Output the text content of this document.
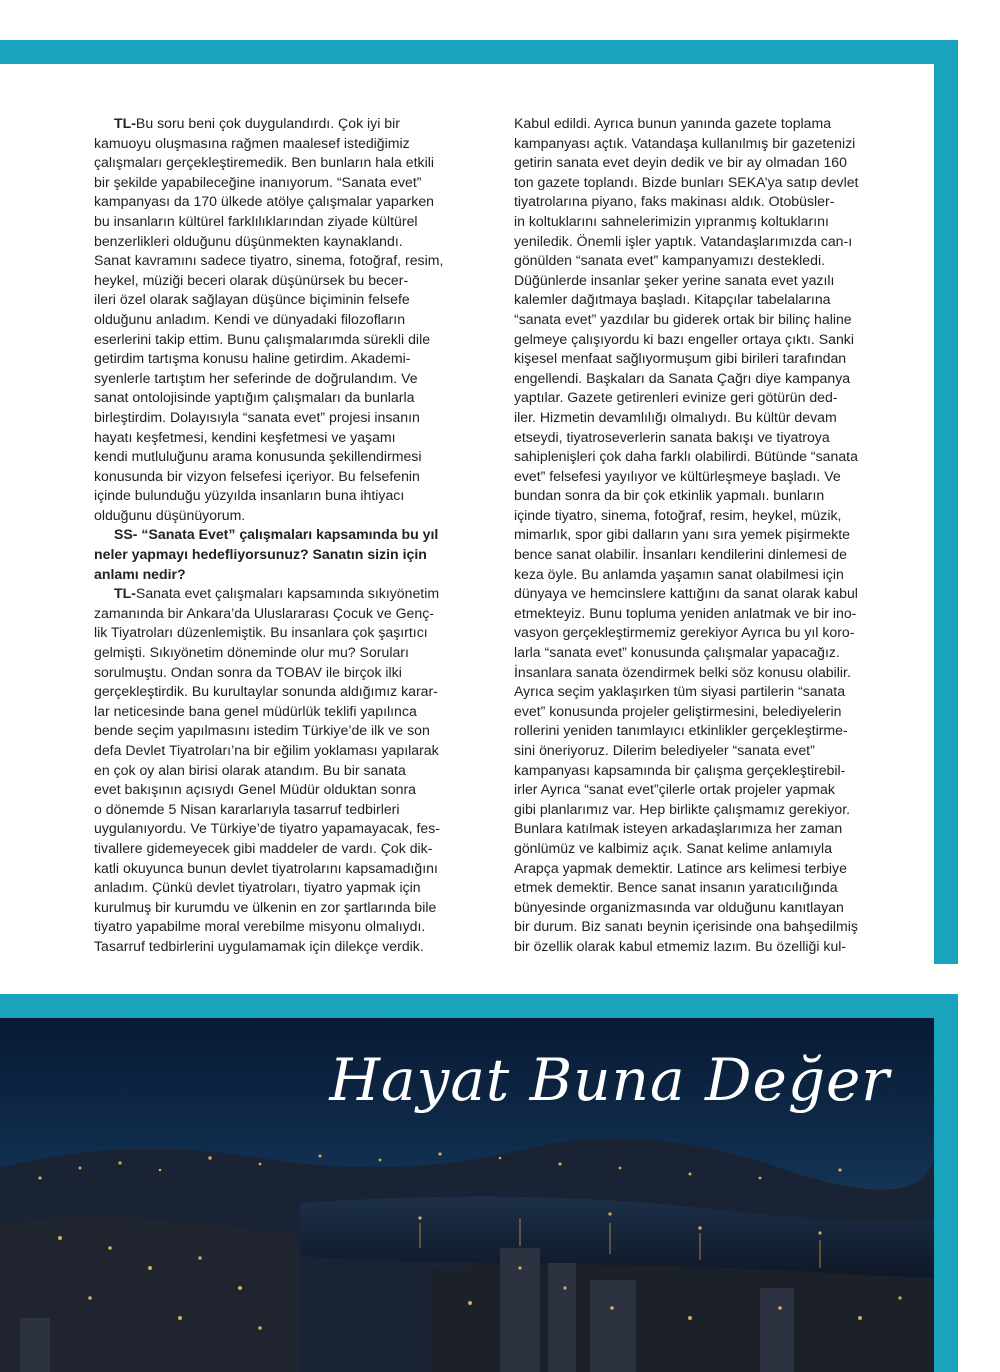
TL-Bu soru beni çok duygulandırdı. Çok iyi bir
kamuoyu oluşmasına rağmen maalesef istediğimiz
çalışmaları gerçekleştiremedik. Ben bunların hala etkili
bir şekilde yapabileceğine inanıyorum. “Sanata evet”
kampanyası da 170 ülkede atölye çalışmalar yaparken
bu insanların kültürel farklılıklarından ziyade kültürel
benzerlikleri olduğunu düşünmekten kaynaklandı.
Sanat kavramını sadece tiyatro, sinema, fotoğraf, resim,
heykel, müziği beceri olarak düşünürsek bu becer-
ileri özel olarak sağlayan düşünce biçiminin felsefe
olduğunu anladım. Kendi ve dünyadaki filozofların
eserlerini takip ettim. Bunu çalışmalarımda sürekli dile
getirdim tartışma konusu haline getirdim. Akademi-
syenlerle tartıştım her seferinde de doğrulandım. Ve
sanat ontolojisinde yaptığım çalışmaları da bunlarla
birleştirdim. Dolayısıyla “sanata evet” projesi insanın
hayatı keşfetmesi, kendini keşfetmesi ve yaşamı
kendi mutluluğunu arama konusunda şekillendirmesi
konusunda bir vizyon felsefesi içeriyor. Bu felsefenin
içinde bulunduğu yüzyılda insanların buna ihtiyacı
olduğunu düşünüyorum.
SS- “Sanata Evet” çalışmaları kapsamında bu yıl
neler yapmayı hedefliyorsunuz? Sanatın sizin için
anlamı nedir?
TL-Sanata evet çalışmaları kapsamında sıkıyönetim
zamanında bir Ankara’da Uluslararası Çocuk ve Genç-
lik Tiyatroları düzenlemiştik. Bu insanlara çok şaşırtıcı
gelmişti. Sıkıyönetim döneminde olur mu? Soruları
sorulmuştu. Ondan sonra da TOBAV ile birçok ilki
gerçekleştirdik. Bu kurultaylar sonunda aldığımız karar-
lar neticesinde bana genel müdürlük teklifi yapılınca
bende seçim yapılmasını istedim Türkiye’de ilk ve son
defa Devlet Tiyatroları’na bir eğilim yoklaması yapılarak
en çok oy alan birisi olarak atandım. Bu bir sanata
evet bakışının açısıydı Genel Müdür olduktan sonra
o dönemde 5 Nisan kararlarıyla tasarruf tedbirleri
uygulanıyordu. Ve Türkiye’de tiyatro yapamayacak, fes-
tivallere gidemeyecek gibi maddeler de vardı. Çok dik-
katli okuyunca bunun devlet tiyatrolarını kapsamadığını
anladım. Çünkü devlet tiyatroları, tiyatro yapmak için
kurulmuş bir kurumdu ve ülkenin en zor şartlarında bile
tiyatro yapabilme moral verebilme misyonu olmalıydı.
Tasarruf tedbirlerini uygulamamak için dilekçe verdik.
Kabul edildi. Ayrıca bunun yanında gazete toplama
kampanyası açtık. Vatandaşa kullanılmış bir gazetenizi
getirin sanata evet deyin dedik ve bir ay olmadan 160
ton gazete toplandı. Bizde bunları SEKA’ya satıp devlet
tiyatrolarına piyano, faks makinası aldık. Otobüsler-
in koltuklarını sahnelerimizin yıpranmış koltuklarını
yeniledik. Önemli işler yaptık. Vatandaşlarımızda can-ı
gönülden “sanata evet” kampanyamızı destekledi.
Düğünlerde insanlar şeker yerine sanata evet yazılı
kalemler dağıtmaya başladı. Kitapçılar tabelalarına
“sanata evet” yazdılar bu giderek ortak bir bilinç haline
gelmeye çalışıyordu ki bazı engeller ortaya çıktı. Sanki
kişesel menfaat sağlıyormuşum gibi birileri tarafından
engellendi. Başkaları da Sanata Çağrı diye kampanya
yaptılar. Gazete getirenleri evinize geri götürün ded-
iler. Hizmetin devamlılığı olmalıydı. Bu kültür devam
etseydi, tiyatroseverlerin sanata bakışı ve tiyatroya
sahiplenişleri çok daha farklı olabilirdi. Bütünde “sanata
evet” felsefesi yayılıyor ve kültürleşmeye başladı. Ve
bundan sonra da bir çok etkinlik yapmalı. bunların
içinde tiyatro, sinema, fotoğraf, resim, heykel, müzik,
mimarlık, spor gibi dalların yanı sıra yemek pişirmekte
bence sanat olabilir. İnsanları kendilerini dinlemesi de
keza öyle. Bu anlamda yaşamın sanat olabilmesi için
dünyaya ve hemcinslere kattığını da sanat olarak kabul
etmekteyiz. Bunu topluma yeniden anlatmak ve bir ino-
vasyon gerçekleştirmemiz gerekiyor Ayrıca bu yıl koro-
larla “sanata evet” konusunda çalışmalar yapacağız.
İnsanlara sanata özendirmek belki söz konusu olabilir.
Ayrıca seçim yaklaşırken tüm siyasi partilerin “sanata
evet” konusunda projeler geliştirmesini, belediyelerin
rollerini yeniden tanımlayıcı etkinlikler gerçekleştirme-
sini öneriyoruz. Dilerim belediyeler “sanata evet”
kampanyası kapsamında bir çalışma gerçekleştirebil-
irler Ayrıca “sanat evet”çilerle ortak projeler yapmak
gibi planlarımız var. Hep birlikte çalışmamız gerekiyor.
Bunlara katılmak isteyen arkadaşlarımıza her zaman
gönlümüz ve kalbimiz açık. Sanat kelime anlamıyla
Arapça yapmak demektir. Latince ars kelimesi terbiye
etmek demektir. Bence sanat insanın yaratıcılığında
bünyesinde organizmasında var olduğunu kanıtlayan
bir durum. Biz sanatı beynin içerisinde ona bahşedilmiş
bir özellik olarak kabul etmemiz lazım. Bu özelliği kul-
Hayat Buna Değer
